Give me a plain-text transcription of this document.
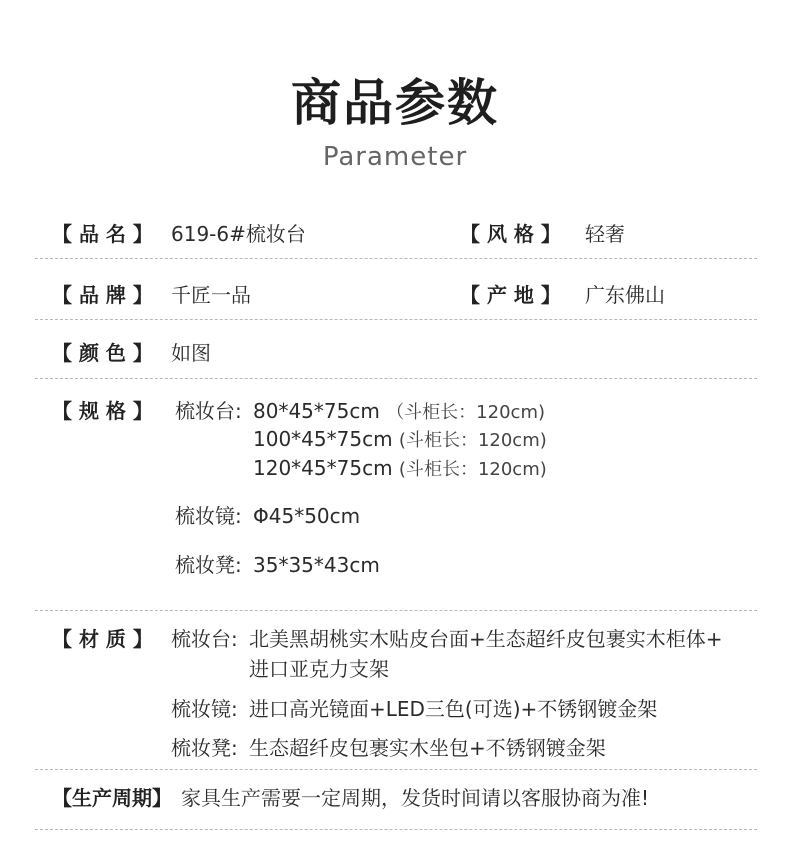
商品参数
Parameter
【 品 名 】 619-6#梳妆台	【 风 格 】 轻奢
【 品 牌 】 千匠一品	【 产 地 】 广东佛山
【 颜 色 】 如图
【 规 格 】 梳妆台: 80*45*75cm （斗柜长：120cm)
100*45*75cm (斗柜长：120cm)
120*45*75cm (斗柜长：120cm)
梳妆镜: Φ45*50cm
梳妆凳: 35*35*43cm
【 材 质 】 梳妆台: 北美黑胡桃实木贴皮台面+生态超纤皮包裹实木柜体+
进口亚克力支架
梳妆镜: 进口高光镜面+LED三色(可选)+不锈钢镀金架
梳妆凳: 生态超纤皮包裹实木坐包+不锈钢镀金架
【生产周期】 家具生产需要一定周期，发货时间请以客服协商为准!
